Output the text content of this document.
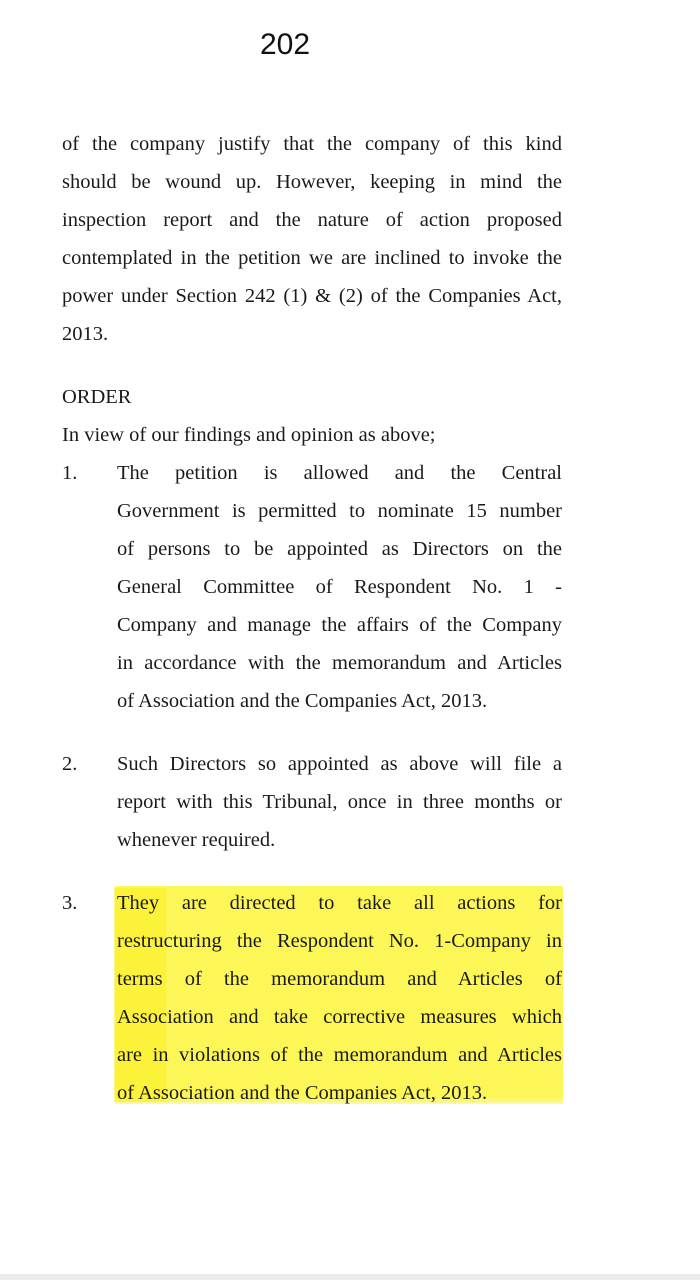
202
of the company justify that the company of this kind
should be wound up. However, keeping in mind the
inspection report and the nature of action proposed
contemplated in the petition we are inclined to invoke the
power under Section 242 (1) & (2) of the Companies Act,
2013.
ORDER
In view of our findings and opinion as above;
1. The petition is allowed and the Central
Government is permitted to nominate 15 number
of persons to be appointed as Directors on the
General Committee of Respondent No. 1 -
Company and manage the affairs of the Company
in accordance with the memorandum and Articles
of Association and the Companies Act, 2013.
2. Such Directors so appointed as above will file a
report with this Tribunal, once in three months or
whenever required.
3. They are directed to take all actions for
restructuring the Respondent No. 1-Company in
terms of the memorandum and Articles of
Association and take corrective measures which
are in violations of the memorandum and Articles
of Association and the Companies Act, 2013.
